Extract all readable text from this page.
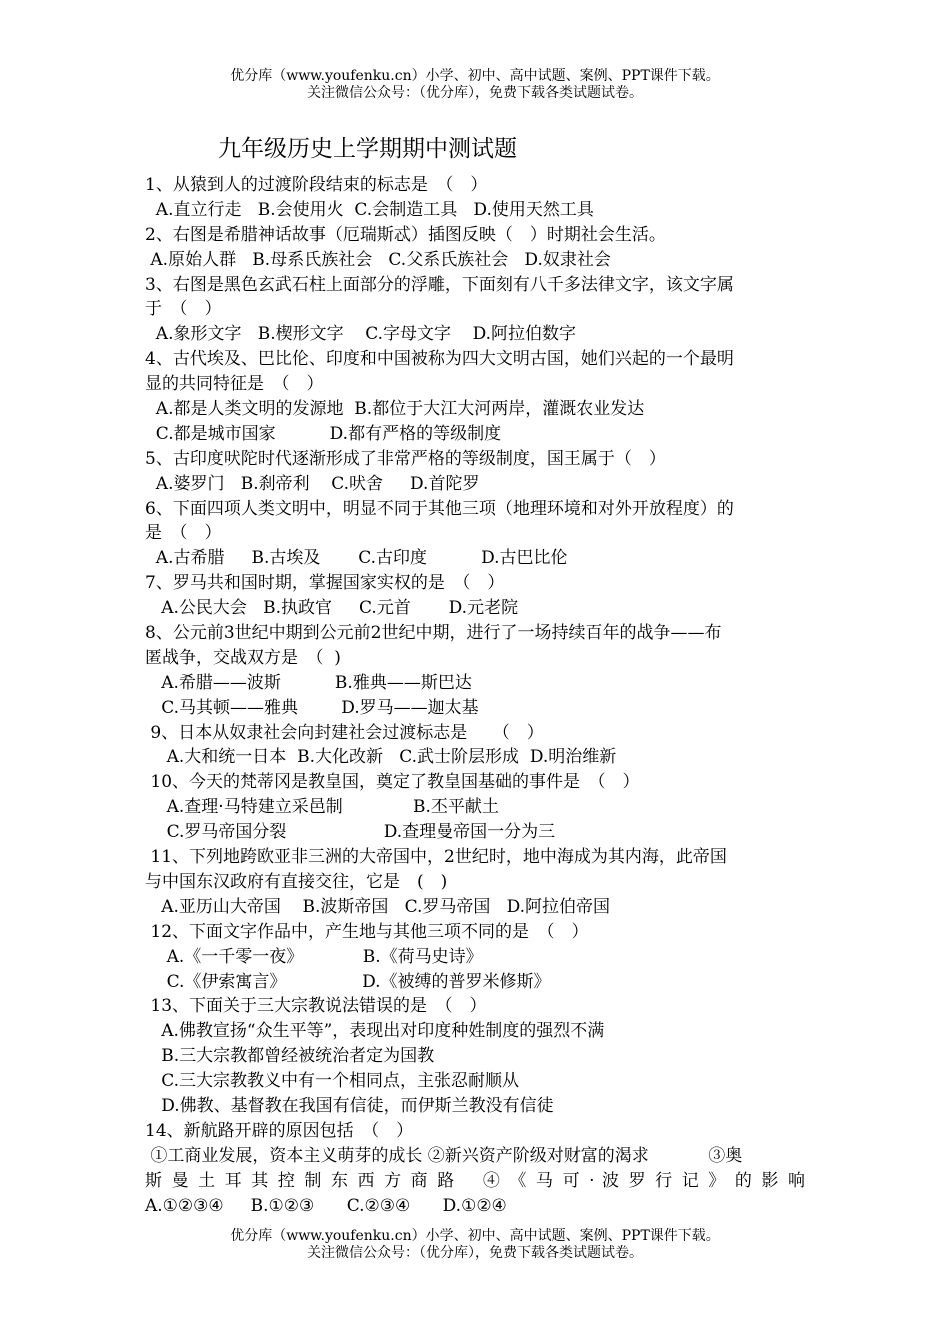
优分库（www.youfenku.cn）小学、初中、高中试题、案例、PPT课件下载。
关注微信公众号：（优分库），免费下载各类试题试卷。
九年级历史上学期期中测试题
1、从猿到人的过渡阶段结束的标志是　（　）
A.直立行走   B.会使用火  C.会制造工具   D.使用天然工具
2、右图是希腊神话故事（厄瑞斯忒）插图反映（　）时期社会生活。
A.原始人群   B.母系氏族社会   C.父系氏族社会   D.奴隶社会
3、右图是黑色玄武石柱上面部分的浮雕，下面刻有八千多法律文字，该文字属
于　（　）
A.象形文字   B.楔形文字    C.字母文字    D.阿拉伯数字
4、古代埃及、巴比伦、印度和中国被称为四大文明古国，她们兴起的一个最明
显的共同特征是　（　）
A.都是人类文明的发源地  B.都位于大江大河两岸，灌溉农业发达
C.都是城市国家          D.都有严格的等级制度
5、古印度吠陀时代逐渐形成了非常严格的等级制度，国王属于（　）
A.婆罗门   B.刹帝利    C.吠舍     D.首陀罗
6、下面四项人类文明中，明显不同于其他三项（地理环境和对外开放程度）的
是　（　）
A.古希腊     B.古埃及       C.古印度          D.古巴比伦
7、罗马共和国时期，掌握国家实权的是　（　）
A.公民大会   B.执政官     C.元首       D.元老院
8、公元前3世纪中期到公元前2世纪中期，进行了一场持续百年的战争——布
匿战争，交战双方是　（  )
A.希腊——波斯          B.雅典——斯巴达
C.马其顿——雅典        D.罗马——迦太基
9、日本从奴隶社会向封建社会过渡标志是　　（　）
A.大和统一日本  B.大化改新   C.武士阶层形成  D.明治维新
10、今天的梵蒂冈是教皇国，奠定了教皇国基础的事件是　（　）
A.查理·马特建立采邑制             B.丕平献土
C.罗马帝国分裂                  D.查理曼帝国一分为三
11、下列地跨欧亚非三洲的大帝国中，2世纪时，地中海成为其内海，此帝国
与中国东汉政府有直接交往，它是　(　)
A.亚历山大帝国    B.波斯帝国   C.罗马帝国   D.阿拉伯帝国
12、下面文字作品中，产生地与其他三项不同的是　（　）
A.《一千零一夜》           B.《荷马史诗》
C.《伊索寓言》              D.《被缚的普罗米修斯》
13、下面关于三大宗教说法错误的是　（　）
A.佛教宣扬“众生平等”，表现出对印度种姓制度的强烈不满
B.三大宗教都曾经被统治者定为国教
C.三大宗教教义中有一个相同点，主张忍耐顺从
D.佛教、基督教在我国有信徒，而伊斯兰教没有信徒
14、新航路开辟的原因包括　（　）
①工商业发展，资本主义萌芽的成长 ②新兴资产阶级对财富的渴求           ③奥
斯 曼 土 耳 其 控 制 东 西 方 商 路　 ④ 《 马 可 · 波 罗 行 记 》 的 影 响
A.①②③④     B.①②③      C.②③④      D.①②④
优分库（www.youfenku.cn）小学、初中、高中试题、案例、PPT课件下载。
关注微信公众号：（优分库），免费下载各类试题试卷。
